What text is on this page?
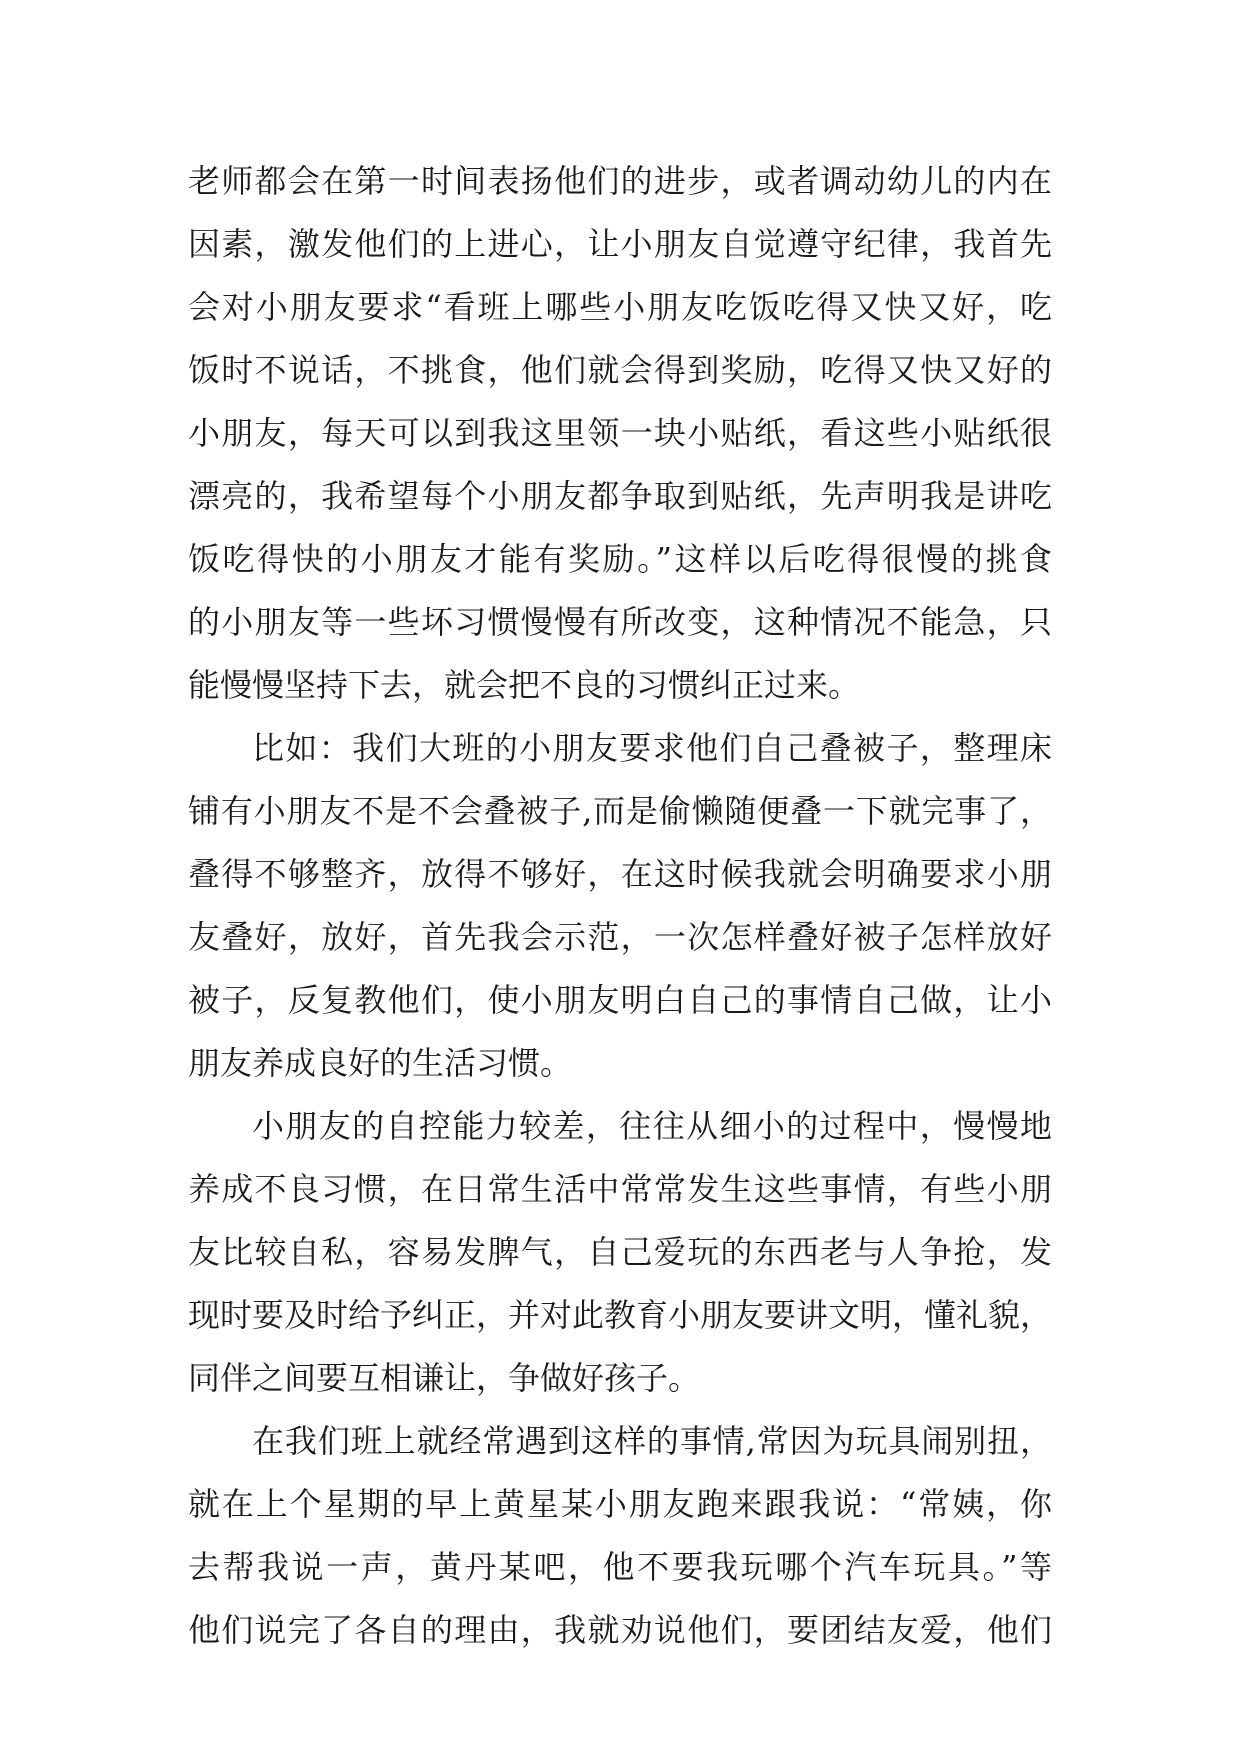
老师都会在第一时间表扬他们的进步，或者调动幼儿的内在
因素，激发他们的上进心，让小朋友自觉遵守纪律，我首先
会对小朋友要求“看班上哪些小朋友吃饭吃得又快又好，吃
饭时不说话，不挑食，他们就会得到奖励，吃得又快又好的
小朋友，每天可以到我这里领一块小贴纸，看这些小贴纸很
漂亮的，我希望每个小朋友都争取到贴纸，先声明我是讲吃
饭吃得快的小朋友才能有奖励。”这样以后吃得很慢的挑食
的小朋友等一些坏习惯慢慢有所改变，这种情况不能急，只
能慢慢坚持下去，就会把不良的习惯纠正过来。
比如：我们大班的小朋友要求他们自己叠被子，整理床
铺有小朋友不是不会叠被子,而是偷懒随便叠一下就完事了，
叠得不够整齐，放得不够好，在这时候我就会明确要求小朋
友叠好，放好，首先我会示范，一次怎样叠好被子怎样放好
被子，反复教他们，使小朋友明白自己的事情自己做，让小
朋友养成良好的生活习惯。
小朋友的自控能力较差，往往从细小的过程中，慢慢地
养成不良习惯，在日常生活中常常发生这些事情，有些小朋
友比较自私，容易发脾气，自己爱玩的东西老与人争抢，发
现时要及时给予纠正，并对此教育小朋友要讲文明，懂礼貌，
同伴之间要互相谦让，争做好孩子。
在我们班上就经常遇到这样的事情,常因为玩具闹别扭，
就在上个星期的早上黄星某小朋友跑来跟我说：“常姨，你
去帮我说一声，黄丹某吧，他不要我玩哪个汽车玩具。”等
他们说完了各自的理由，我就劝说他们，要团结友爱，他们
